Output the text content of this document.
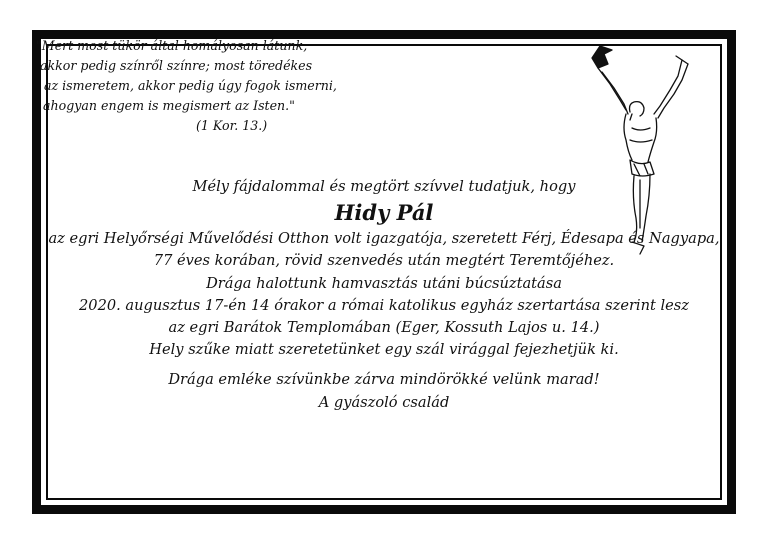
"Mert most tükör által homályosan látunk,
akkor pedig színről színre; most töredékes
az ismeretem, akkor pedig úgy fogok ismerni,
ahogyan engem is megismert az Isten."
(1 Kor. 13.)
Mély fájdalommal és megtört szívvel tudatjuk, hogy
Hidy Pál
az egri Helyőrségi Művelődési Otthon volt igazgatója, szeretett Férj, Édesapa és Nagyapa,
77 éves korában, rövid szenvedés után megtért Teremtőjéhez.
Drága halottunk hamvasztás utáni búcsúztatása
2020. augusztus 17-én 14 órakor a római katolikus egyház szertartása szerint lesz
az egri Barátok Templomában (Eger, Kossuth Lajos u. 14.)
Hely szűke miatt szeretetünket egy szál virággal fejezhetjük ki.
Drága emléke szívünkbe zárva mindörökké velünk marad!
A gyászoló család
